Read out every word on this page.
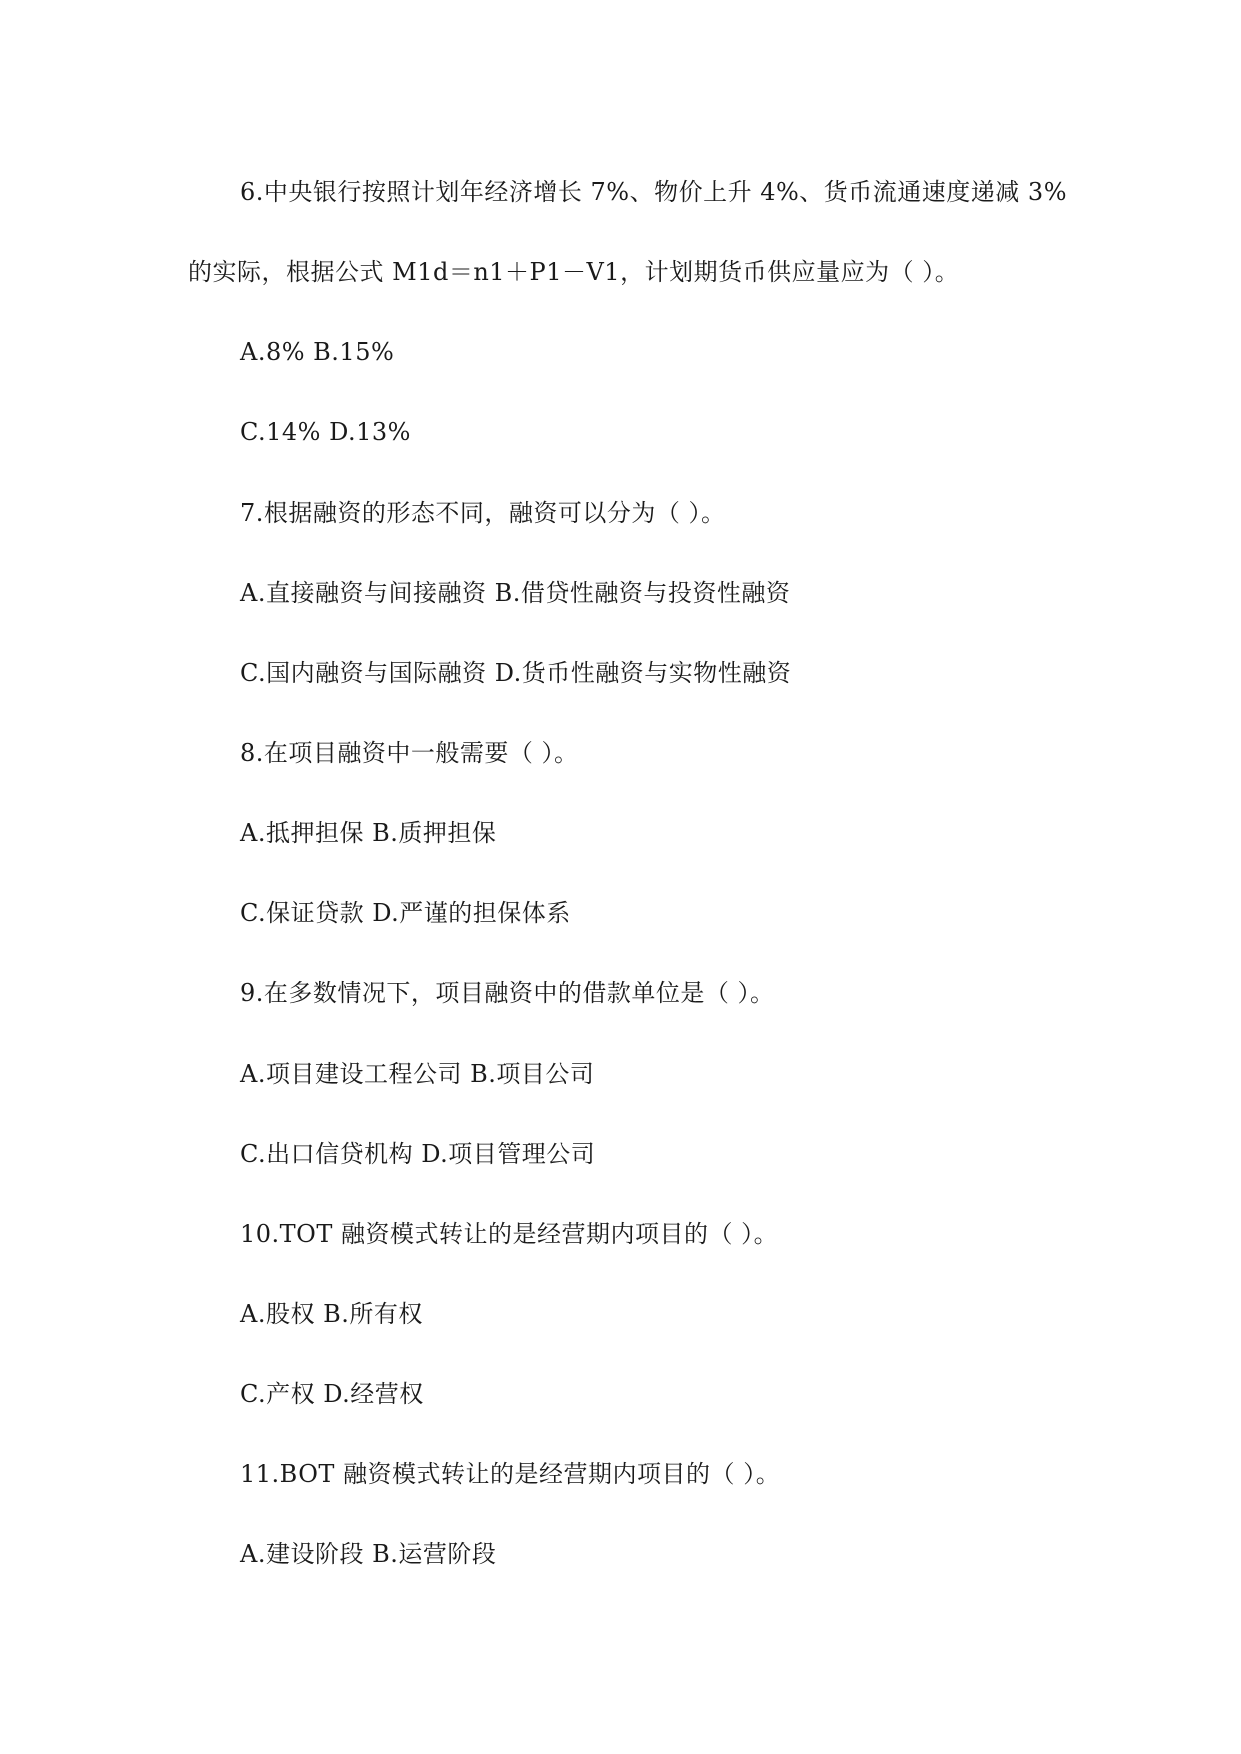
6.中央银行按照计划年经济增长 7%、物价上升 4%、货币流通速度递减 3%
的实际，根据公式 M1d＝n1＋P1－V1，计划期货币供应量应为（ ）。
A.8% B.15%
C.14% D.13%
7.根据融资的形态不同，融资可以分为（ ）。
A.直接融资与间接融资 B.借贷性融资与投资性融资
C.国内融资与国际融资 D.货币性融资与实物性融资
8.在项目融资中一般需要（ ）。
A.抵押担保 B.质押担保
C.保证贷款 D.严谨的担保体系
9.在多数情况下，项目融资中的借款单位是（ ）。
A.项目建设工程公司 B.项目公司
C.出口信贷机构 D.项目管理公司
10.TOT 融资模式转让的是经营期内项目的（ ）。
A.股权 B.所有权
C.产权 D.经营权
11.BOT 融资模式转让的是经营期内项目的（ ）。
A.建设阶段 B.运营阶段
